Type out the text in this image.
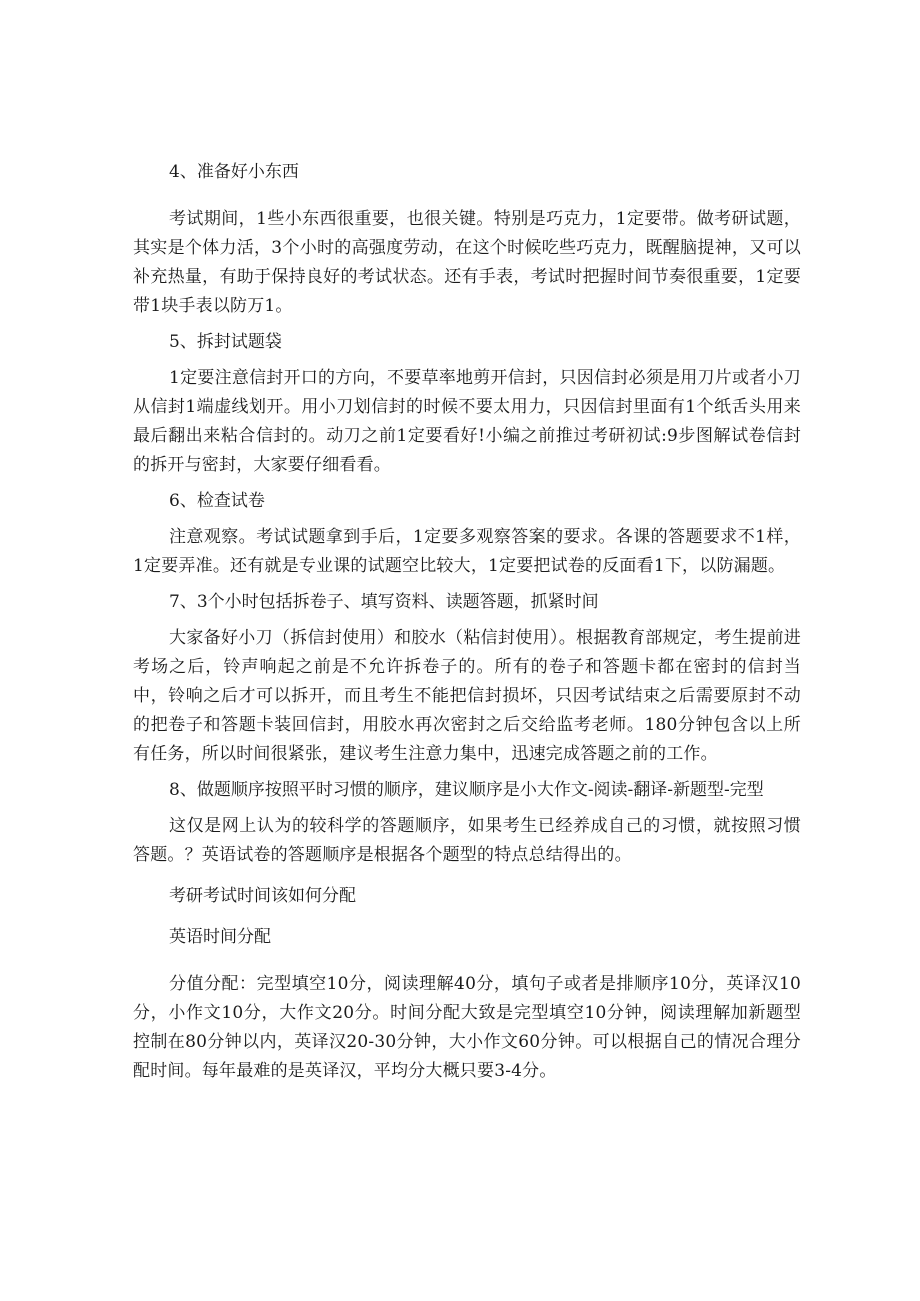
4、准备好小东西

考试期间，1些小东西很重要，也很关键。特别是巧克力，1定要带。做考研试题，其实是个体力活，3个小时的高强度劳动，在这个时候吃些巧克力，既醒脑提神，又可以补充热量，有助于保持良好的考试状态。还有手表，考试时把握时间节奏很重要，1定要带1块手表以防万1。

5、拆封试题袋

1定要注意信封开口的方向，不要草率地剪开信封，只因信封必须是用刀片或者小刀从信封1端虚线划开。用小刀划信封的时候不要太用力，只因信封里面有1个纸舌头用来最后翻出来粘合信封的。动刀之前1定要看好!小编之前推过考研初试:9步图解试卷信封的拆开与密封，大家要仔细看看。

6、检查试卷

注意观察。考试试题拿到手后，1定要多观察答案的要求。各课的答题要求不1样，1定要弄准。还有就是专业课的试题空比较大，1定要把试卷的反面看1下，以防漏题。

7、3个小时包括拆卷子、填写资料、读题答题，抓紧时间

大家备好小刀（拆信封使用）和胶水（粘信封使用）。根据教育部规定，考生提前进考场之后，铃声响起之前是不允许拆卷子的。所有的卷子和答题卡都在密封的信封当中，铃响之后才可以拆开，而且考生不能把信封损坏，只因考试结束之后需要原封不动的把卷子和答题卡装回信封，用胶水再次密封之后交给监考老师。180分钟包含以上所有任务，所以时间很紧张，建议考生注意力集中，迅速完成答题之前的工作。

8、做题顺序按照平时习惯的顺序，建议顺序是小大作文-阅读-翻译-新题型-完型

这仅是网上认为的较科学的答题顺序，如果考生已经养成自己的习惯，就按照习惯答题。？英语试卷的答题顺序是根据各个题型的特点总结得出的。

考研考试时间该如何分配

英语时间分配

分值分配：完型填空10分，阅读理解40分，填句子或者是排顺序10分，英译汉10分，小作文10分，大作文20分。时间分配大致是完型填空10分钟，阅读理解加新题型控制在80分钟以内，英译汉20-30分钟，大小作文60分钟。可以根据自己的情况合理分配时间。每年最难的是英译汉，平均分大概只要3-4分。
